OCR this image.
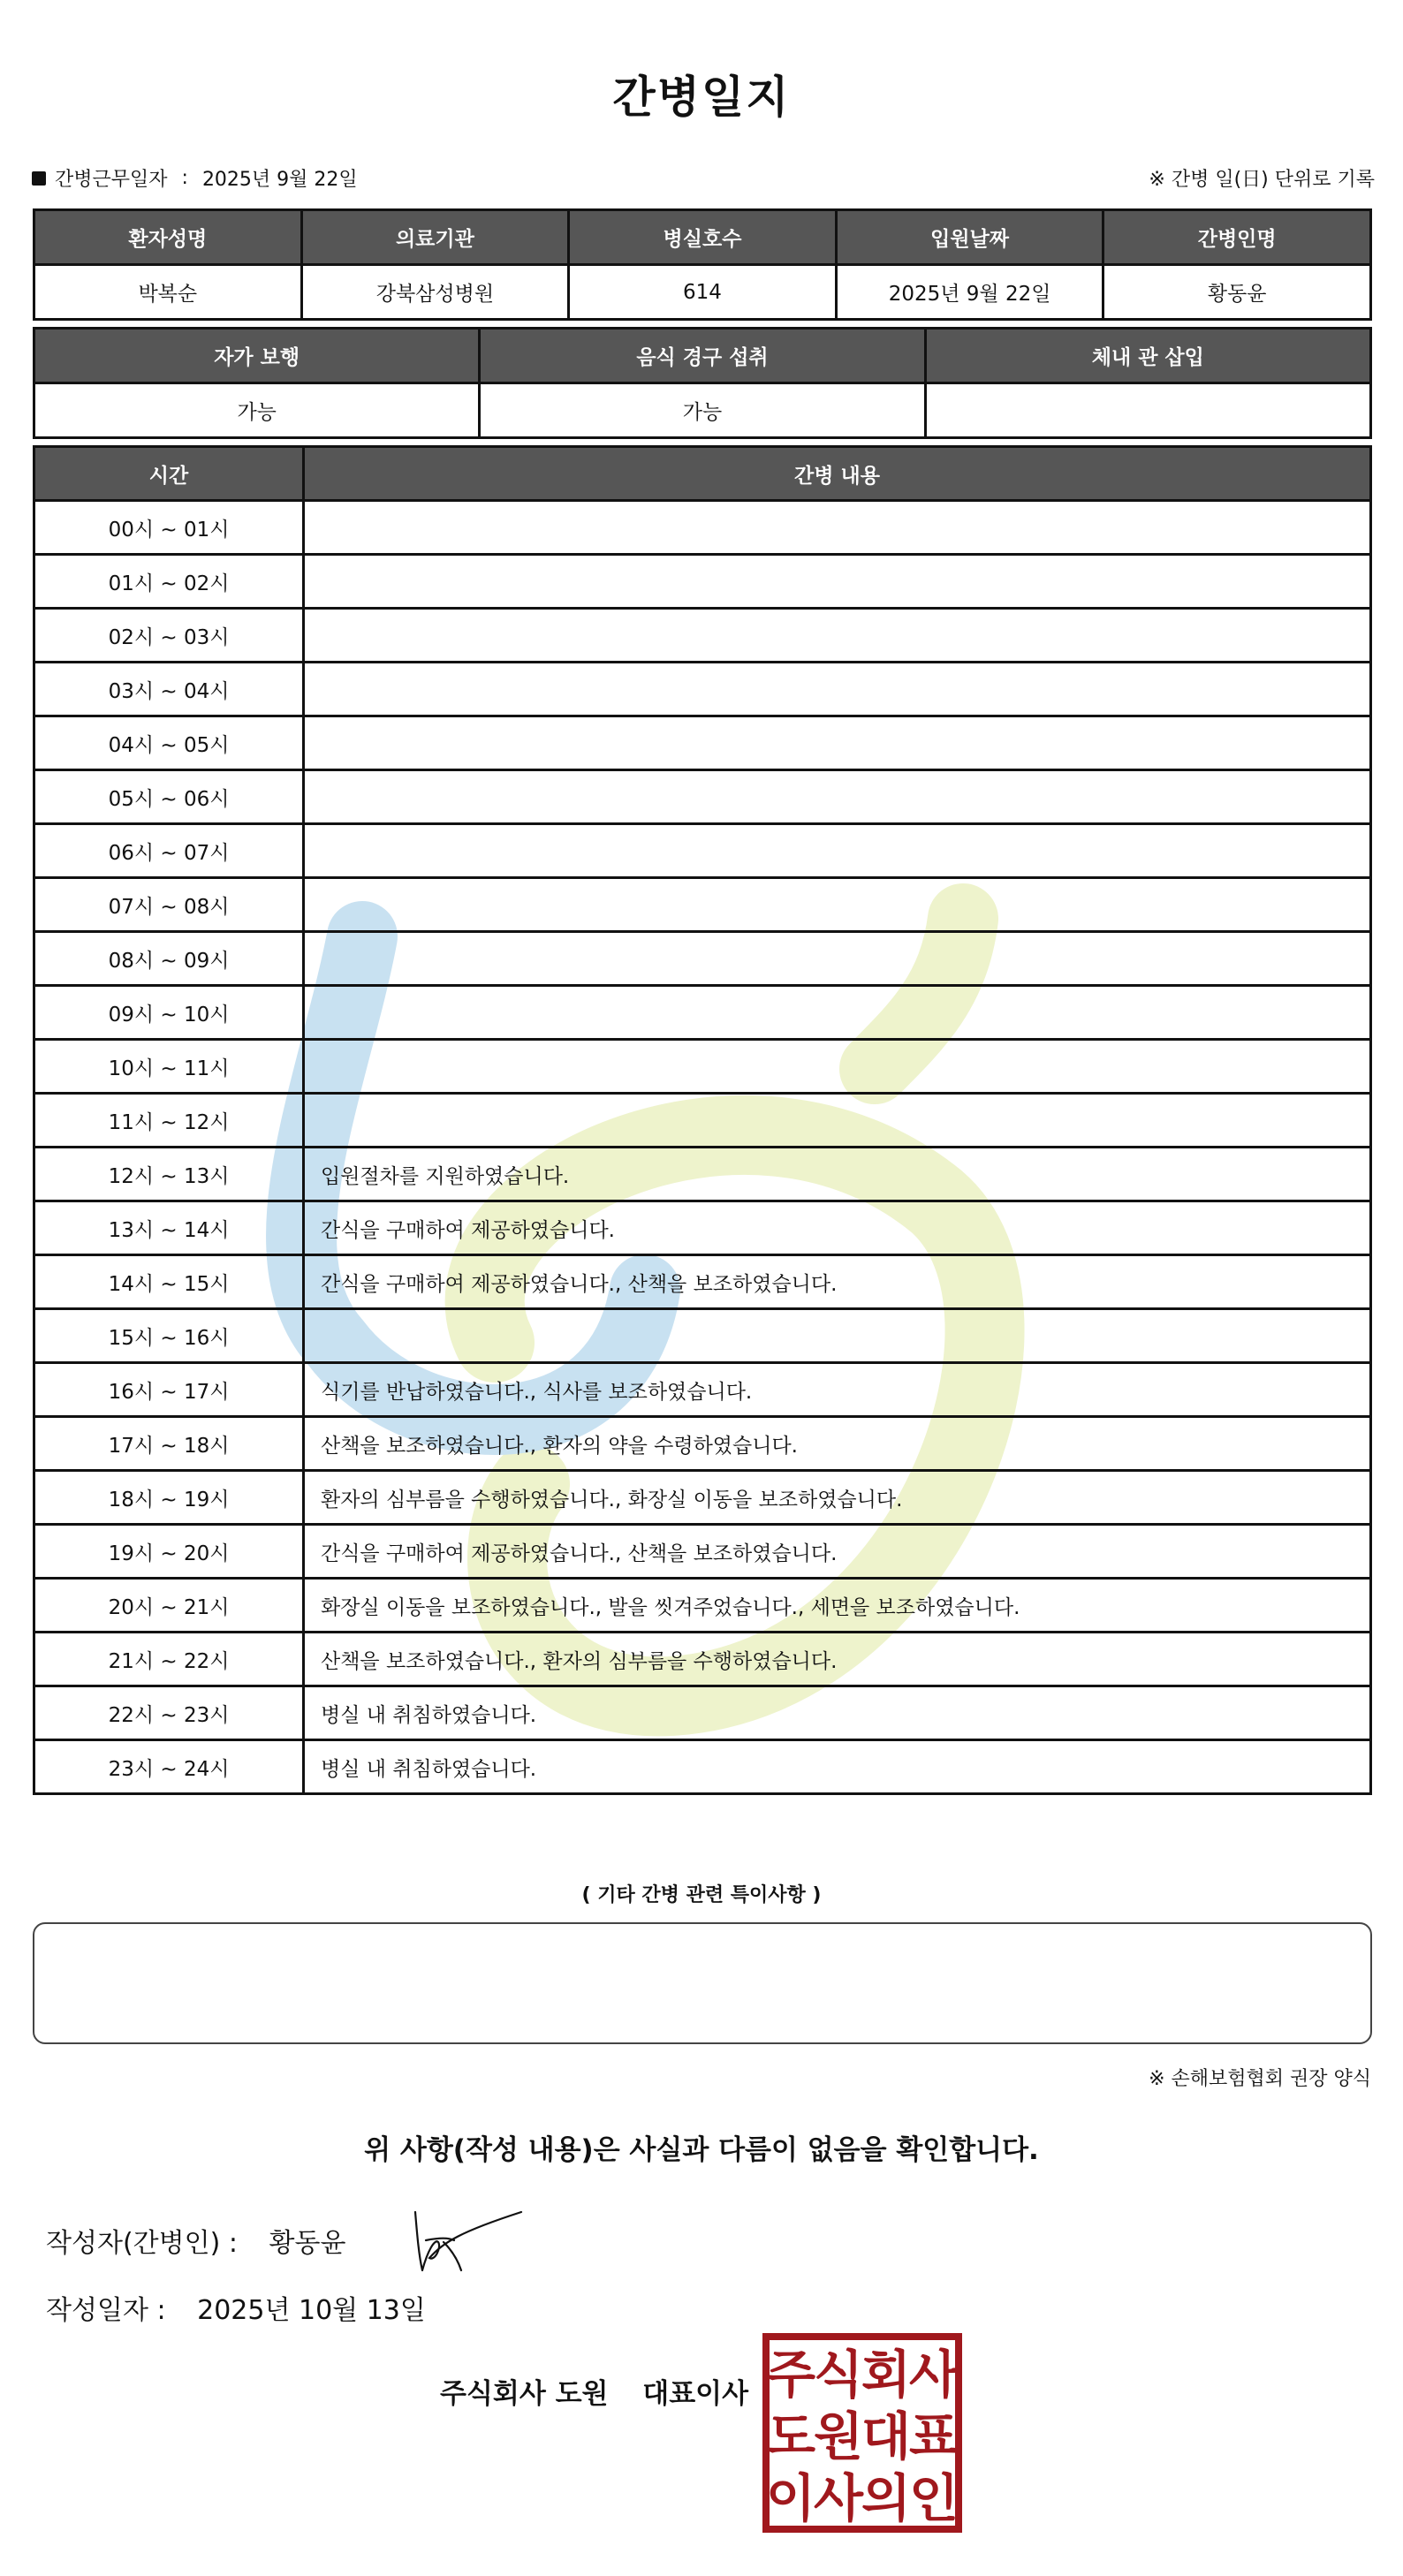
간병일지
간병근무일자 : 2025년 9월 22일	※ 간병 일(日) 단위로 기록
환자성명	의료기관	병실호수	입원날짜	간병인명
박복순	강북삼성병원	614	2025년 9월 22일	황동윤
자가 보행	음식 경구 섭취	체내 관 삽입
가능	가능	
시간	간병 내용
00시 ~ 01시	
01시 ~ 02시	
02시 ~ 03시	
03시 ~ 04시	
04시 ~ 05시	
05시 ~ 06시	
06시 ~ 07시	
07시 ~ 08시	
08시 ~ 09시	
09시 ~ 10시	
10시 ~ 11시	
11시 ~ 12시	
12시 ~ 13시	입원절차를 지원하였습니다.
13시 ~ 14시	간식을 구매하여 제공하였습니다.
14시 ~ 15시	간식을 구매하여 제공하였습니다., 산책을 보조하였습니다.
15시 ~ 16시	
16시 ~ 17시	식기를 반납하였습니다., 식사를 보조하였습니다.
17시 ~ 18시	산책을 보조하였습니다., 환자의 약을 수령하였습니다.
18시 ~ 19시	환자의 심부름을 수행하였습니다., 화장실 이동을 보조하였습니다.
19시 ~ 20시	간식을 구매하여 제공하였습니다., 산책을 보조하였습니다.
20시 ~ 21시	화장실 이동을 보조하였습니다., 발을 씻겨주었습니다., 세면을 보조하였습니다.
21시 ~ 22시	산책을 보조하였습니다., 환자의 심부름을 수행하였습니다.
22시 ~ 23시	병실 내 취침하였습니다.
23시 ~ 24시	병실 내 취침하였습니다.
( 기타 간병 관련 특이사항 )
※ 손해보험협회 권장 양식
위 사항(작성 내용)은 사실과 다름이 없음을 확인합니다.
작성자(간병인) : 황동윤
작성일자 : 2025년 10월 13일
주식회사 도원 대표이사 주
식
회
사
도
원
대
표
이
사
의
인
